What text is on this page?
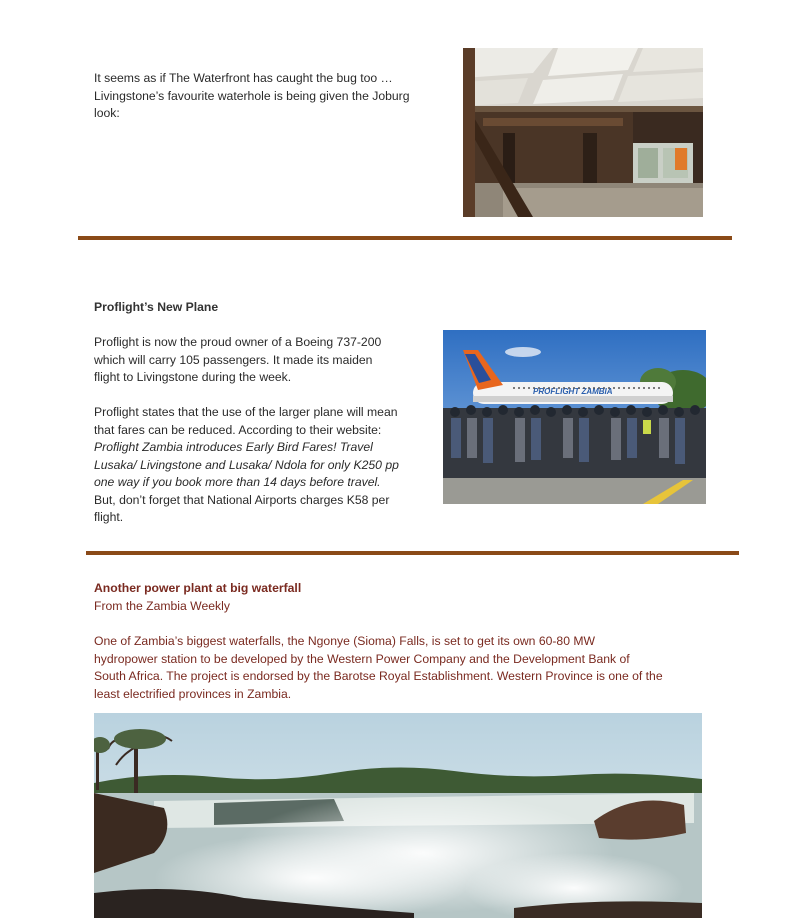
It seems as if The Waterfront has caught the bug too …
Livingstone’s favourite waterhole is being given the Joburg
look:
Proflight’s New Plane
Proflight is now the proud owner of a Boeing 737-200
which will carry 105 passengers. It made its maiden
flight to Livingstone during the week.
Proflight states that the use of the larger plane will mean
that fares can be reduced. According to their website:
Proflight Zambia introduces Early Bird Fares! Travel
Lusaka/ Livingstone and Lusaka/ Ndola for only K250 pp
one way if you book more than 14 days before travel.
But, don’t forget that National Airports charges K58 per
flight.
PROFLIGHT ZAMBIA
Another power plant at big waterfall
From the Zambia Weekly
One of Zambia’s biggest waterfalls, the Ngonye (Sioma) Falls, is set to get its own 60-80 MW
hydropower station to be developed by the Western Power Company and the Development Bank of
South Africa. The project is endorsed by the Barotse Royal Establishment. Western Province is one of the
least electrified provinces in Zambia.
